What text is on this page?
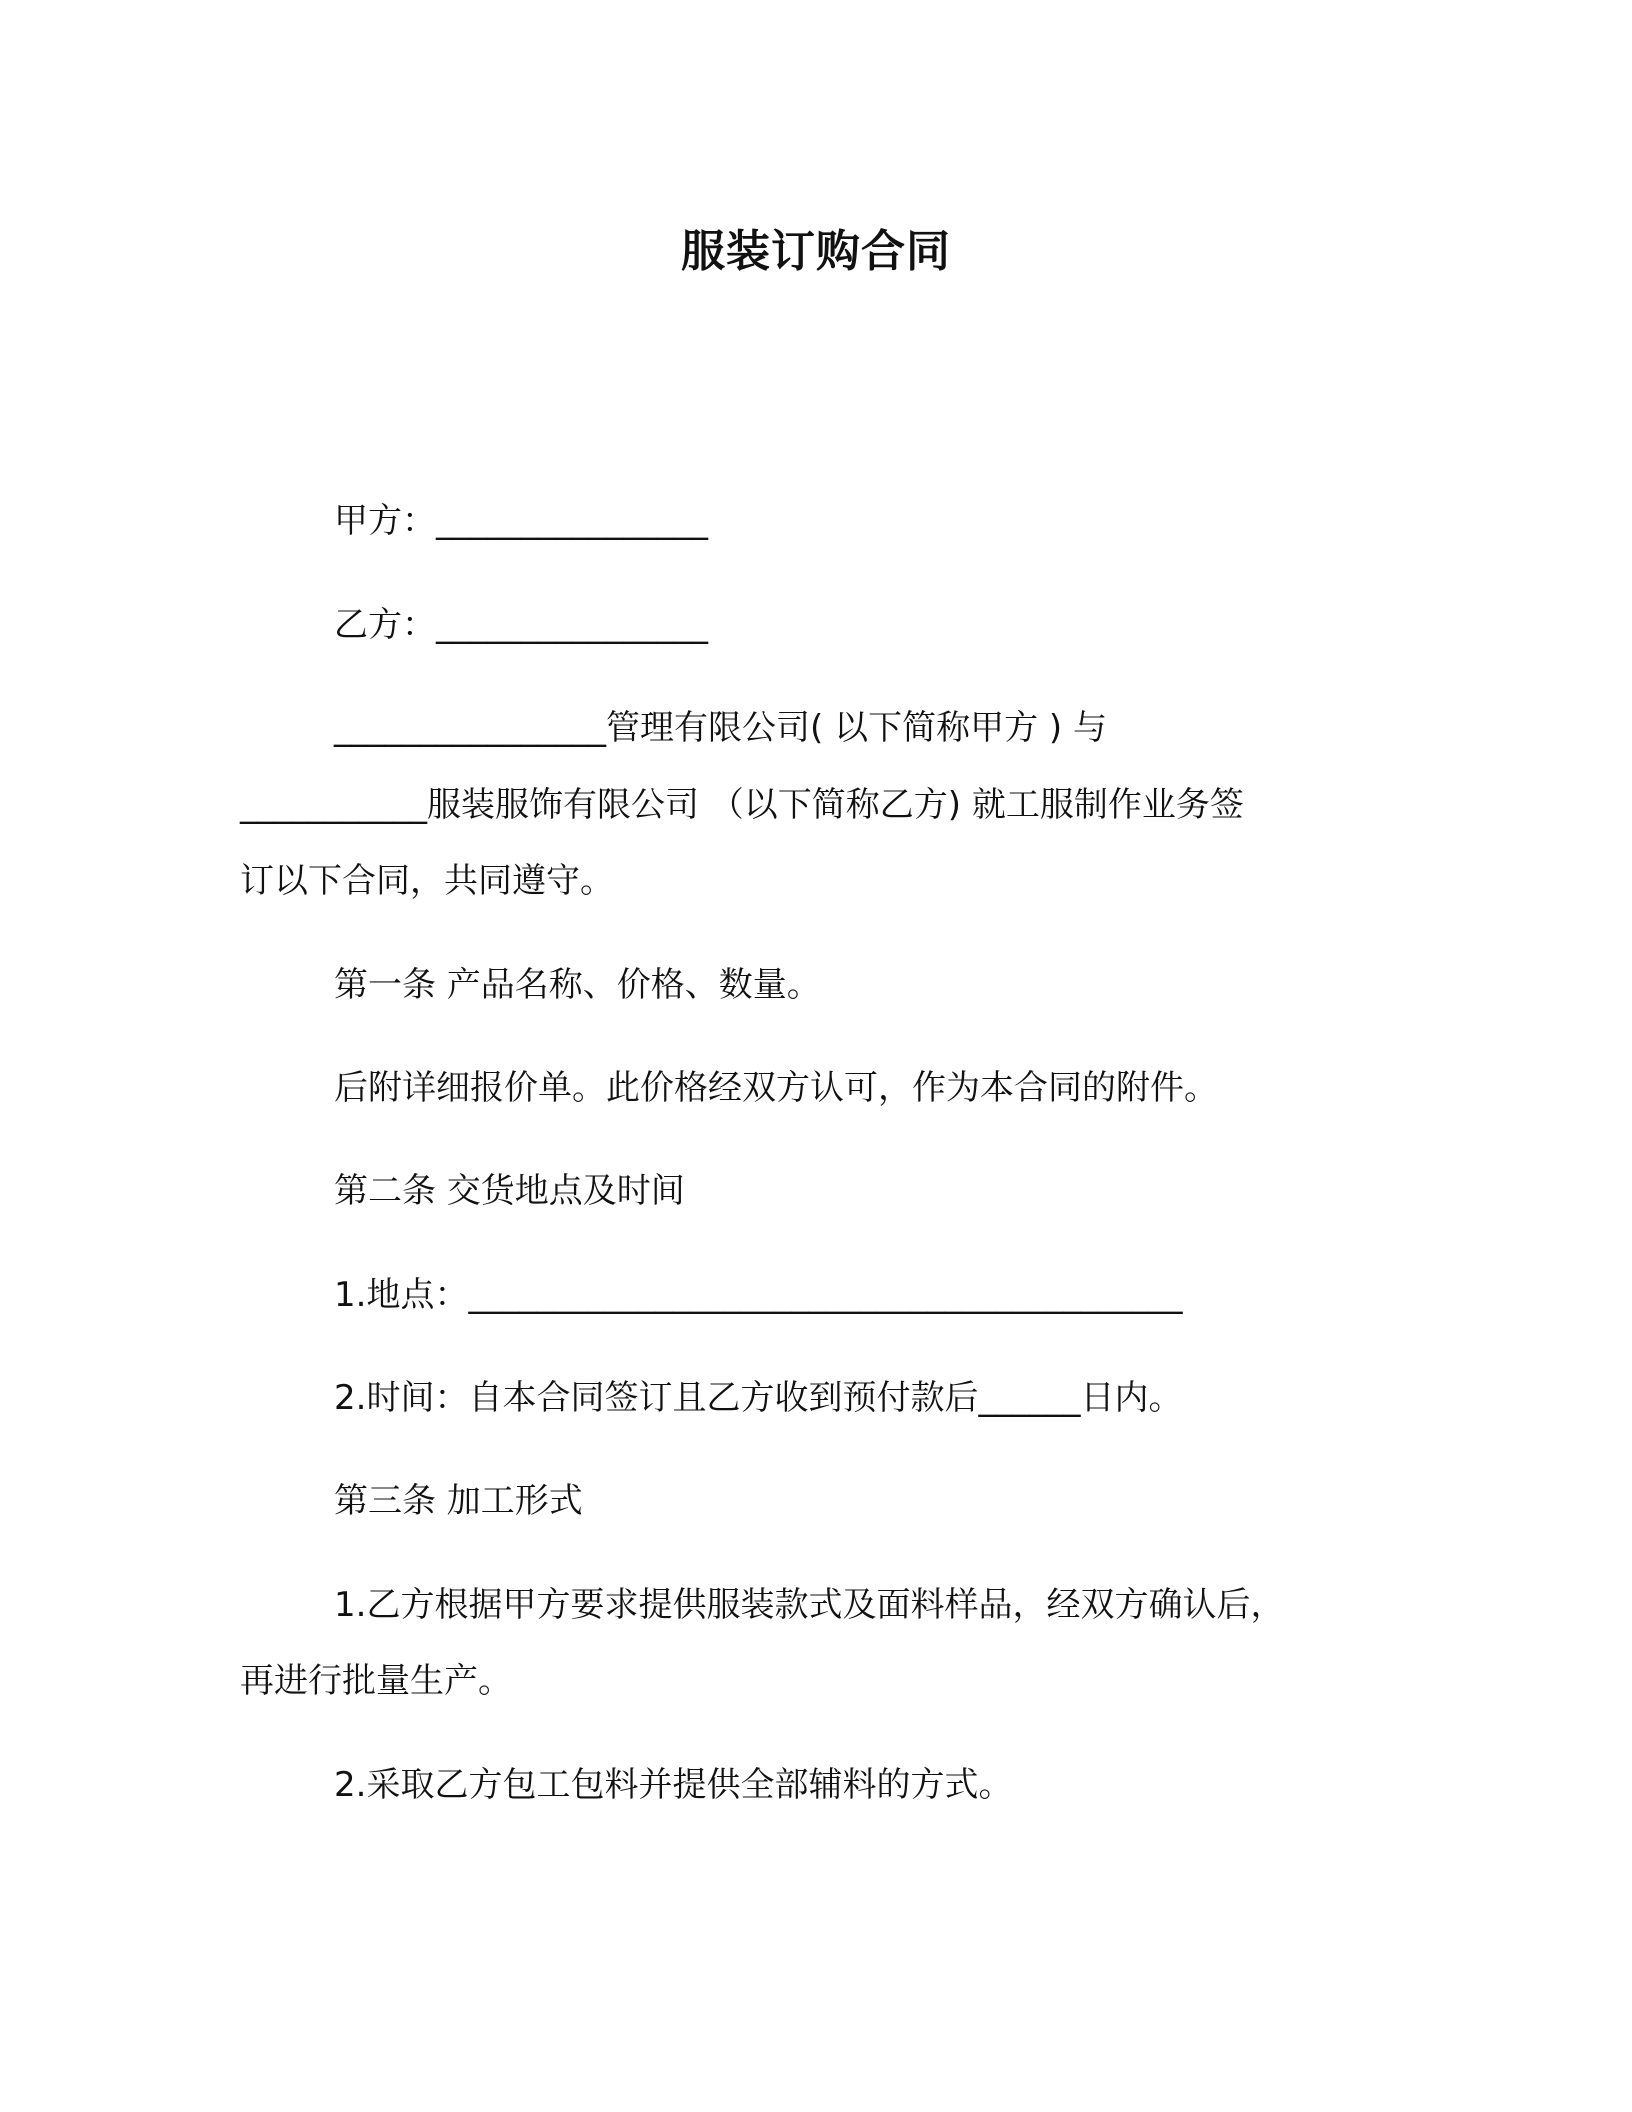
服装订购合同

甲方：________________

乙方：________________

________________管理有限公司( 以下简称甲方 ) 与

___________服装服饰有限公司 （以下简称乙方) 就工服制作业务签

订以下合同，共同遵守。

第一条 产品名称、价格、数量。

后附详细报价单。此价格经双方认可，作为本合同的附件。

第二条 交货地点及时间

1.地点：__________________________________________

2.时间：自本合同签订且乙方收到预付款后______日内。

第三条 加工形式

1.乙方根据甲方要求提供服装款式及面料样品，经双方确认后，

再进行批量生产。

2.采取乙方包工包料并提供全部辅料的方式。
